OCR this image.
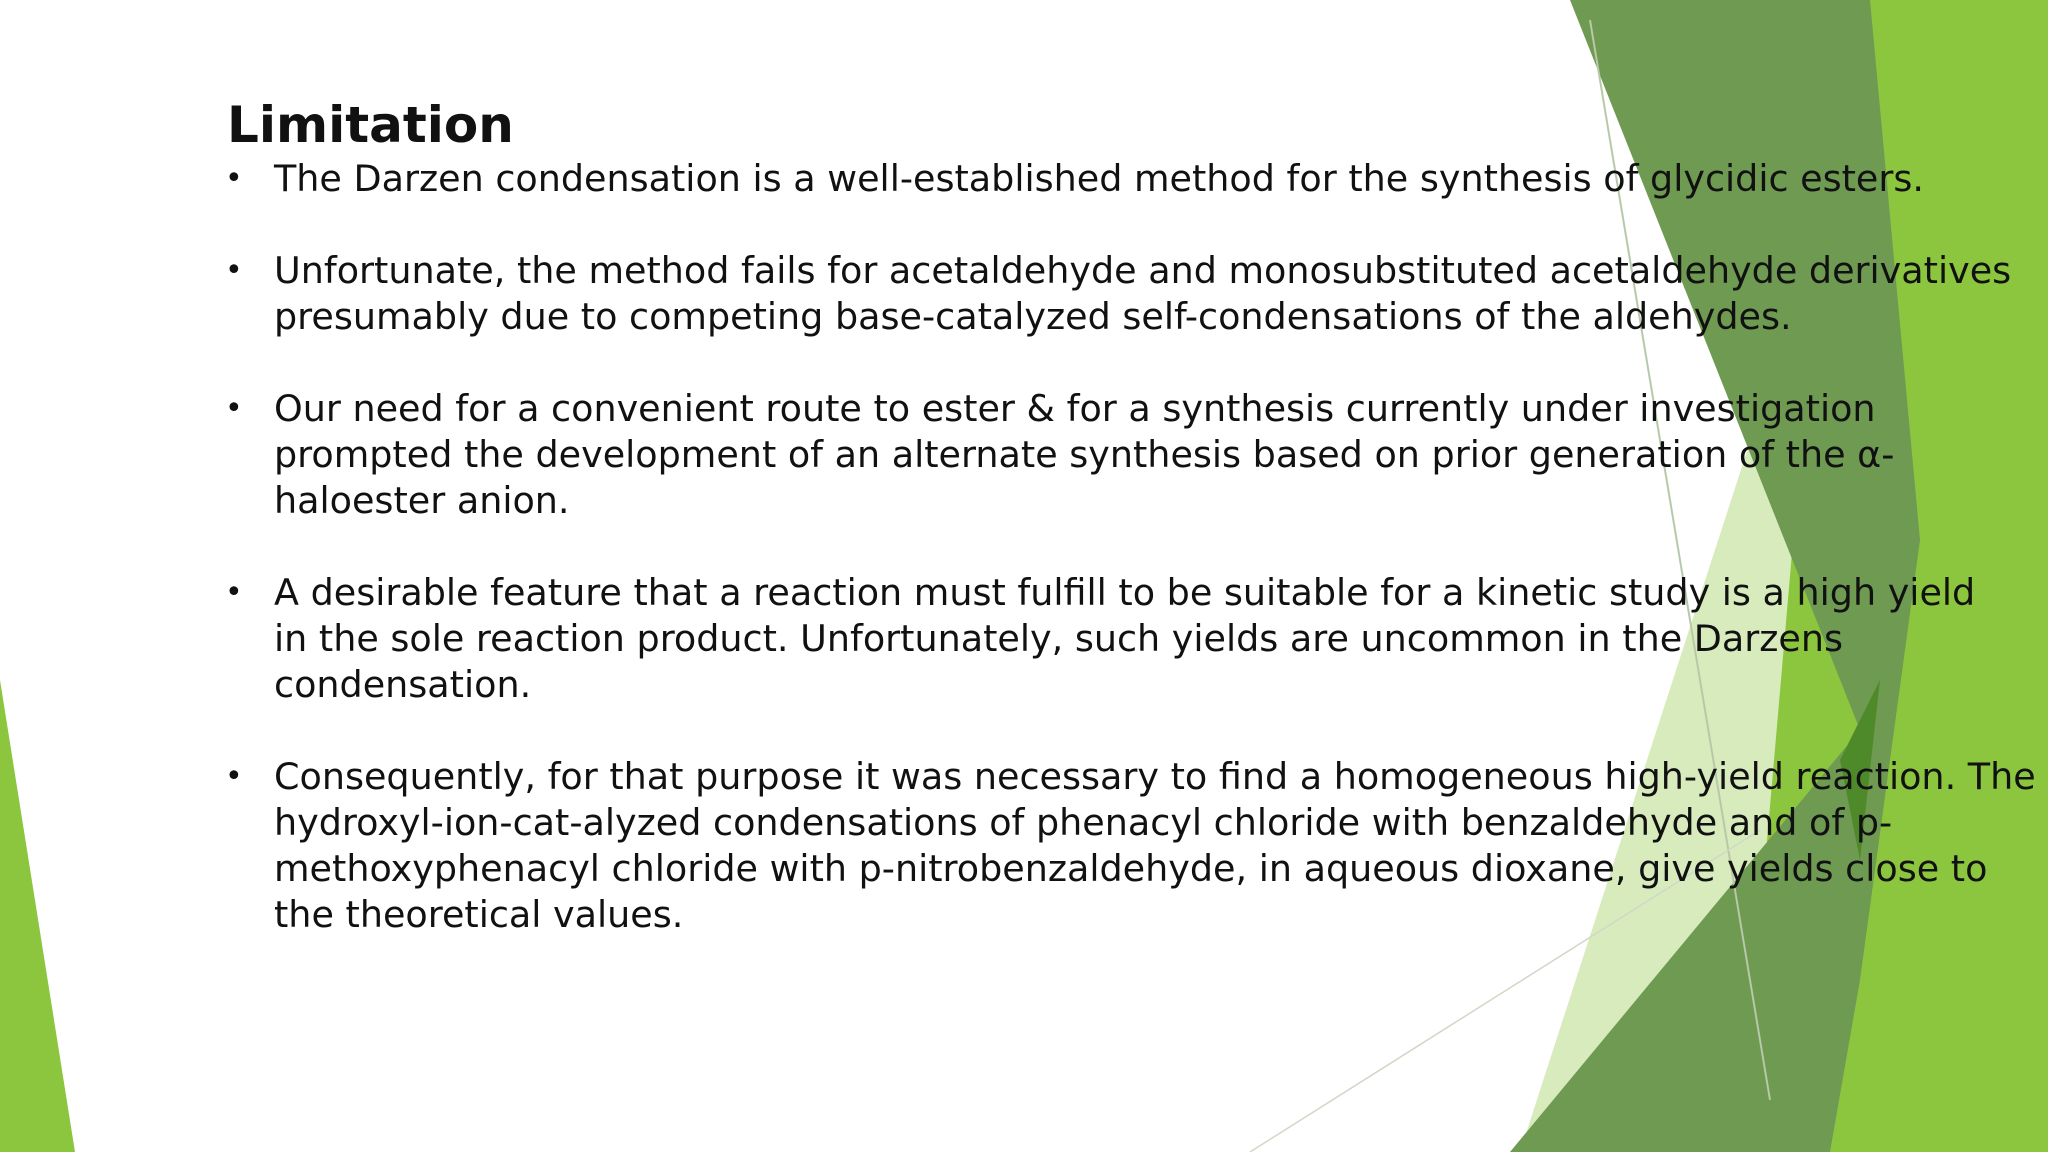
Limitation
• The Darzen condensation is a well-established method for the synthesis of glycidic esters.
• Unfortunate, the method fails for acetaldehyde and monosubstituted acetaldehyde derivatives
presumably due to competing base-catalyzed self-condensations of the aldehydes.
• Our need for a convenient route to ester & for a synthesis currently under investigation
prompted the development of an alternate synthesis based on prior generation of the α-
haloester anion.
• A desirable feature that a reaction must fulfill to be suitable for a kinetic study is a high yield
in the sole reaction product. Unfortunately, such yields are uncommon in the Darzens
condensation.
• Consequently, for that purpose it was necessary to find a homogeneous high-yield reaction. The
hydroxyl-ion-cat-alyzed condensations of phenacyl chloride with benzaldehyde and of p-
methoxyphenacyl chloride with p-nitrobenzaldehyde, in aqueous dioxane, give yields close to
the theoretical values.
